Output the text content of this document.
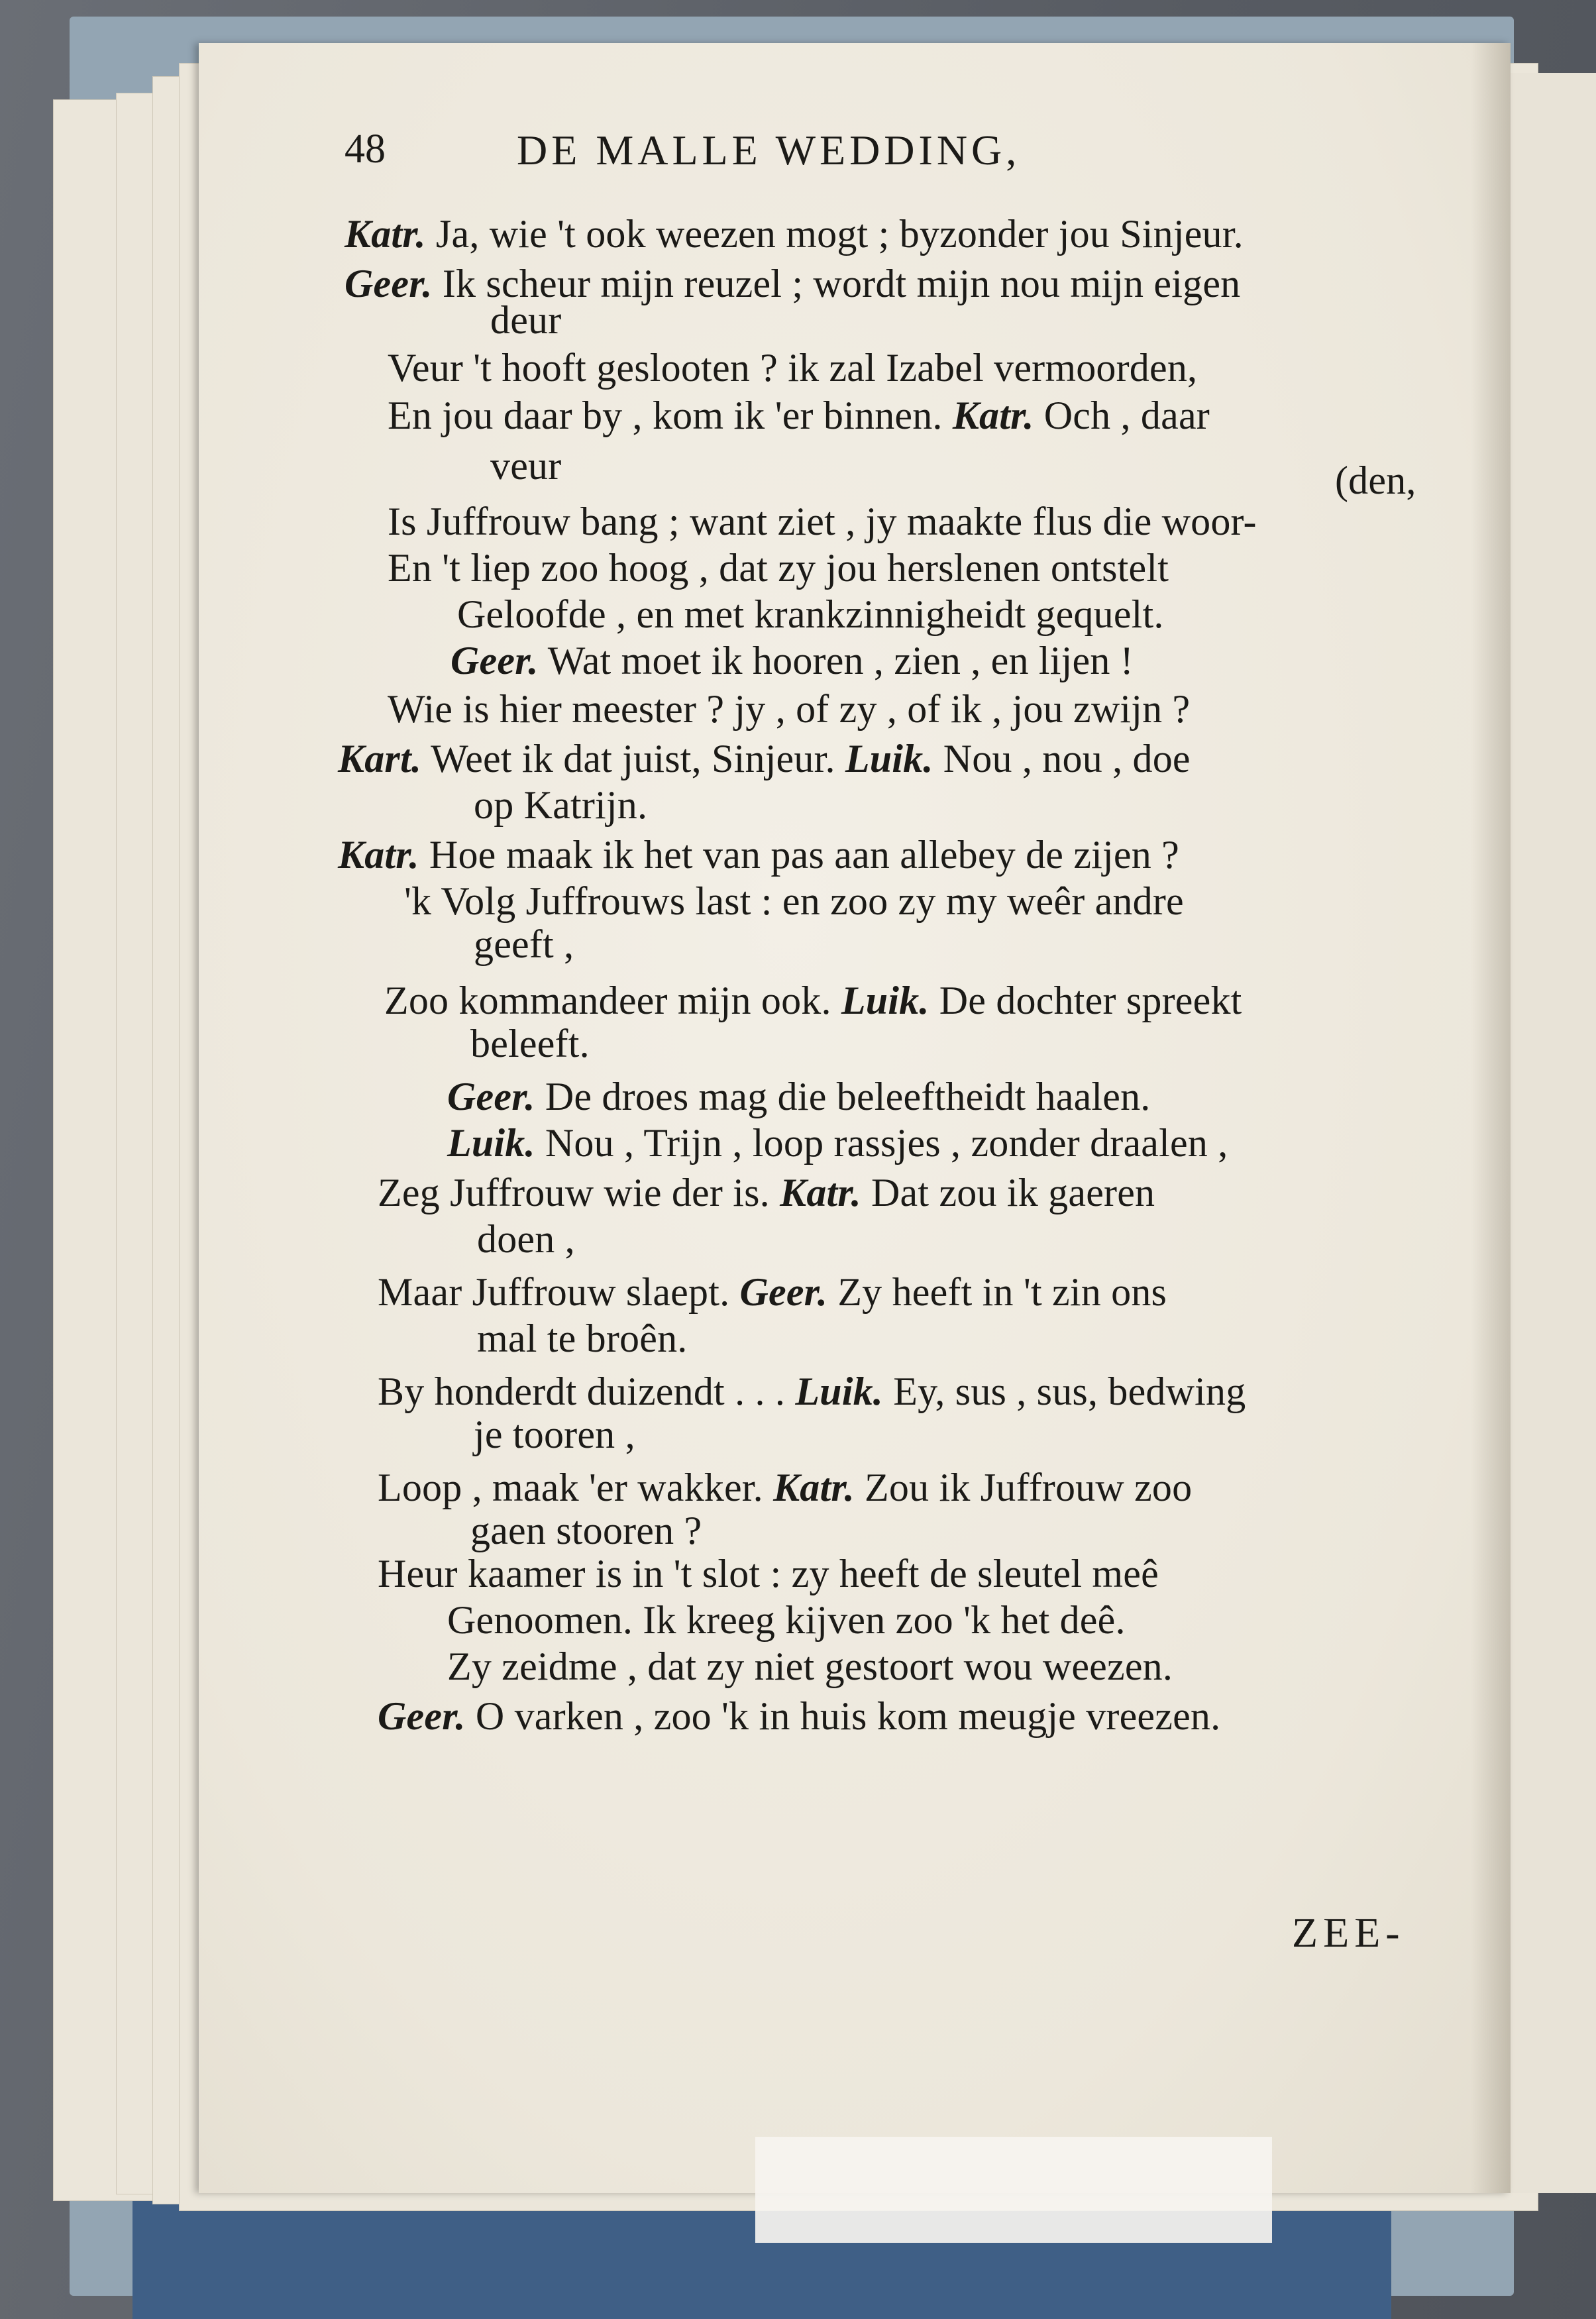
48	DE MALLE WEDDING,
Katr. Ja, wie 't ook weezen mogt ; byzonder jou Sinjeur.
Geer. Ik scheur mijn reuzel ; wordt mijn nou mijn eigen
deur
Veur 't hooft geslooten ? ik zal Izabel vermoorden,
En jou daar by , kom ik 'er binnen. Katr. Och , daar
veur	(den,
Is Juffrouw bang ; want ziet , jy maakte flus die woor-
En 't liep zoo hoog , dat zy jou herslenen ontstelt
Geloofde , en met krankzinnigheidt gequelt.
Geer. Wat moet ik hooren , zien , en lijen !
Wie is hier meester ? jy , of zy , of ik , jou zwijn ?
Kart. Weet ik dat juist, Sinjeur. Luik. Nou , nou , doe
op Katrijn.
Katr. Hoe maak ik het van pas aan allebey de zijen ?
'k Volg Juffrouws last : en zoo zy my weêr andre
geeft ,
Zoo kommandeer mijn ook. Luik. De dochter spreekt
beleeft.
Geer. De droes mag die beleeftheidt haalen.
Luik. Nou , Trijn , loop rassjes , zonder draalen ,
Zeg Juffrouw wie der is. Katr. Dat zou ik gaeren
doen ,
Maar Juffrouw slaept. Geer. Zy heeft in 't zin ons
mal te broên.
By honderdt duizendt . . . Luik. Ey, sus , sus, bedwing
je tooren ,
Loop , maak 'er wakker. Katr. Zou ik Juffrouw zoo
gaen stooren ?
Heur kaamer is in 't slot : zy heeft de sleutel meê
Genoomen. Ik kreeg kijven zoo 'k het deê.
Zy zeidme , dat zy niet gestoort wou weezen.
Geer. O varken , zoo 'k in huis kom meugje vreezen.
ZEE-
